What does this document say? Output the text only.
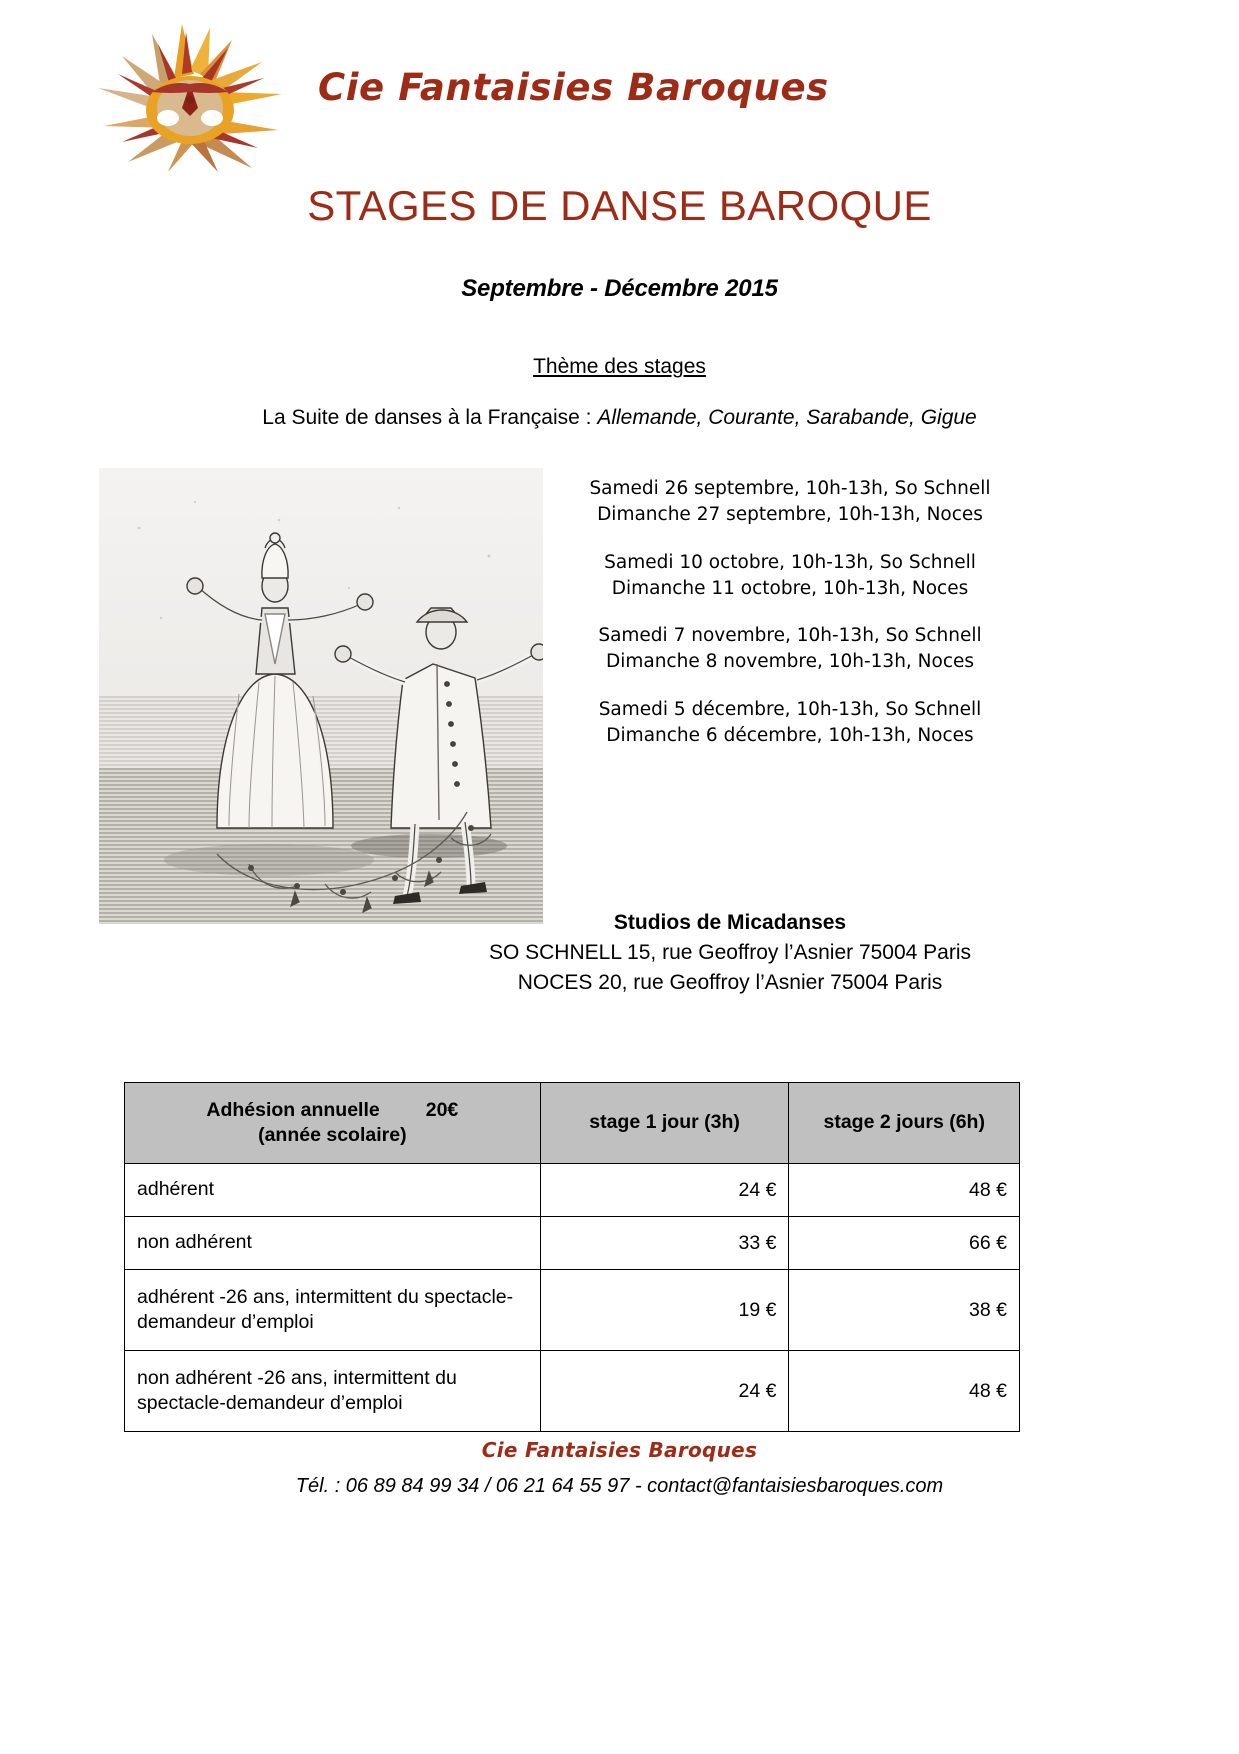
Cie Fantaisies Baroques
STAGES DE DANSE BAROQUE
Septembre - Décembre 2015
Thème des stages
La Suite de danses à la Française : Allemande, Courante, Sarabande, Gigue
Samedi 26 septembre, 10h-13h, So Schnell
Dimanche 27 septembre, 10h-13h, Noces
Samedi 10 octobre, 10h-13h, So Schnell
Dimanche 11 octobre, 10h-13h, Noces
Samedi 7 novembre, 10h-13h, So Schnell
Dimanche 8 novembre, 10h-13h, Noces
Samedi 5 décembre, 10h-13h, So Schnell
Dimanche 6 décembre, 10h-13h, Noces
Studios de Micadanses
SO SCHNELL 15, rue Geoffroy l’Asnier 75004 Paris
NOCES 20, rue Geoffroy l’Asnier 75004 Paris
Adhésion annuelle 20€
(année scolaire)	stage 1 jour (3h)	stage 2 jours (6h)
adhérent	24 €	48 €
non adhérent	33 €	66 €
adhérent -26 ans, intermittent du spectacle-demandeur d’emploi	19 €	38 €
non adhérent -26 ans, intermittent du spectacle-demandeur d’emploi	24 €	48 €
Cie Fantaisies Baroques
Tél. : 06 89 84 99 34 / 06 21 64 55 97 - contact@fantaisiesbaroques.com
